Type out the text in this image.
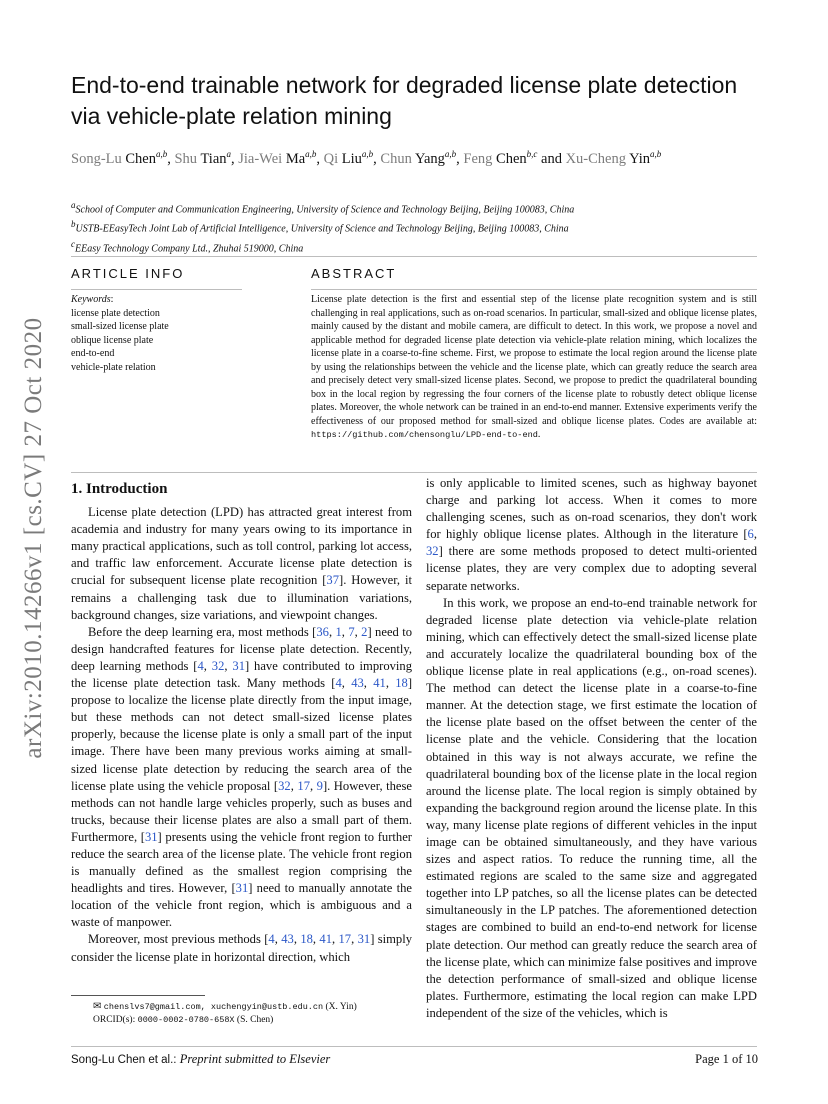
arXiv:2010.14266v1 [cs.CV] 27 Oct 2020
End-to-end trainable network for degraded license plate detection via vehicle-plate relation mining
Song-Lu Chen$^{a,b}$, Shu Tian$^a$, Jia-Wei Ma$^{a,b}$, Qi Liu$^{a,b}$, Chun Yang$^{a,b}$, Feng Chen$^{b,c}$ and Xu-Cheng Yin$^{a,b}$
$^a$School of Computer and Communication Engineering, University of Science and Technology Beijing, Beijing 100083, China
$^b$USTB-EEasyTech Joint Lab of Artificial Intelligence, University of Science and Technology Beijing, Beijing 100083, China
$^c$EEasy Technology Company Ltd., Zhuhai 519000, China
ARTICLE INFO	ABSTRACT
Keywords:
license plate detection
small-sized license plate
oblique license plate
end-to-end
vehicle-plate relation
License plate detection is the first and essential step of the license plate recognition system and is still challenging in real applications, such as on-road scenarios. In particular, small-sized and oblique license plates, mainly caused by the distant and mobile camera, are difficult to detect. In this work, we propose a novel and applicable method for degraded license plate detection via vehicle-plate relation mining, which localizes the license plate in a coarse-to-fine scheme. First, we propose to estimate the local region around the license plate by using the relationships between the vehicle and the license plate, which can greatly reduce the search area and precisely detect very small-sized license plates. Second, we propose to predict the quadrilateral bounding box in the local region by regressing the four corners of the license plate to robustly detect oblique license plates. Moreover, the whole network can be trained in an end-to-end manner. Extensive experiments verify the effectiveness of our proposed method for small-sized and oblique license plates. Codes are available at: https://github.com/chensonglu/LPD-end-to-end.
1. Introduction

License plate detection (LPD) has attracted great interest from academia and industry for many years owing to its importance in many practical applications, such as toll control, parking lot access, and traffic law enforcement. Accurate license plate detection is crucial for subsequent license plate recognition [37]. However, it remains a challenging task due to illumination variations, background changes, size variations, and viewpoint changes.

Before the deep learning era, most methods [36, 1, 7, 2] need to design handcrafted features for license plate detection. Recently, deep learning methods [4, 32, 31] have contributed to improving the license plate detection task. Many methods [4, 43, 41, 18] propose to localize the license plate directly from the input image, but these methods can not detect small-sized license plates properly, because the license plate is only a small part of the input image. There have been many previous works aiming at small-sized license plate detection by reducing the search area of the license plate using the vehicle proposal [32, 17, 9]. However, these methods can not handle large vehicles properly, such as buses and trucks, because their license plates are also a small part of them. Furthermore, [31] presents using the vehicle front region to further reduce the search area of the license plate. The vehicle front region is manually defined as the smallest region comprising the headlights and tires. However, [31] need to manually annotate the location of the vehicle front region, which is ambiguous and a waste of manpower.

Moreover, most previous methods [4, 43, 18, 41, 17, 31] simply consider the license plate in horizontal direction, which

is only applicable to limited scenes, such as highway bayonet charge and parking lot access. When it comes to more challenging scenes, such as on-road scenarios, they don't work for highly oblique license plates. Although in the literature [6, 32] there are some methods proposed to detect multi-oriented license plates, they are very complex due to adopting several separate networks.

In this work, we propose an end-to-end trainable network for degraded license plate detection via vehicle-plate relation mining, which can effectively detect the small-sized license plate and accurately localize the quadrilateral bounding box of the oblique license plate in real applications (e.g., on-road scenes). The method can detect the license plate in a coarse-to-fine manner. At the detection stage, we first estimate the location of the license plate based on the offset between the center of the license plate and the vehicle. Considering that the location obtained in this way is not always accurate, we refine the quadrilateral bounding box of the license plate in the local region around the license plate. The local region is simply obtained by expanding the background region around the license plate. In this way, many license plate regions of different vehicles in the input image can be obtained simultaneously, and they have various sizes and aspect ratios. To reduce the running time, all the estimated regions are scaled to the same size and aggregated together into LP patches, so all the license plates can be detected simultaneously in the LP patches. The aforementioned detection stages are combined to build an end-to-end network for license plate detection. Our method can greatly reduce the search area of the license plate, which can minimize false positives and improve the detection performance of small-sized and oblique license plates. Furthermore, estimating the local region can make LPD independent of the size of the vehicles, which is

✉ chenslvs7@gmail.com, xuchengyin@ustb.edu.cn (X. Yin)
ORCID(s): 0000-0002-0780-658X (S. Chen)
Song-Lu Chen et al.: Preprint submitted to Elsevier	Page 1 of 10
